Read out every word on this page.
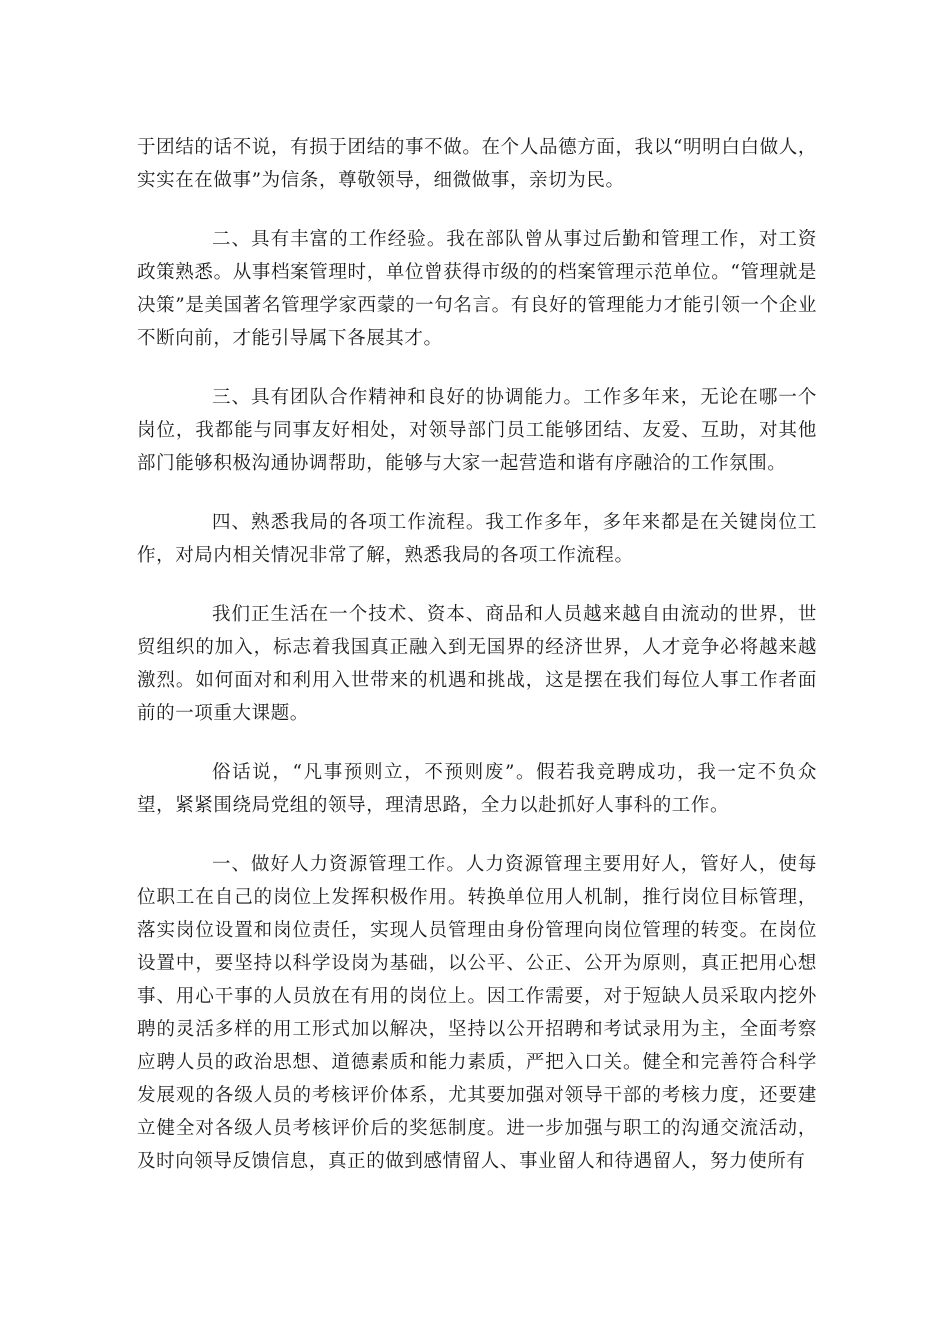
于团结的话不说，有损于团结的事不做。在个人品德方面，我以“明明白白做人，实实在在做事”为信条，尊敬领导，细微做事，亲切为民。

二、具有丰富的工作经验。我在部队曾从事过后勤和管理工作，对工资政策熟悉。从事档案管理时，单位曾获得市级的的档案管理示范单位。“管理就是决策”是美国著名管理学家西蒙的一句名言。有良好的管理能力才能引领一个企业不断向前，才能引导属下各展其才。

三、具有团队合作精神和良好的协调能力。工作多年来，无论在哪一个岗位，我都能与同事友好相处，对领导部门员工能够团结、友爱、互助，对其他部门能够积极沟通协调帮助，能够与大家一起营造和谐有序融洽的工作氛围。

四、熟悉我局的各项工作流程。我工作多年，多年来都是在关键岗位工作，对局内相关情况非常了解，熟悉我局的各项工作流程。

我们正生活在一个技术、资本、商品和人员越来越自由流动的世界，世贸组织的加入，标志着我国真正融入到无国界的经济世界，人才竞争必将越来越激烈。如何面对和利用入世带来的机遇和挑战，这是摆在我们每位人事工作者面前的一项重大课题。

俗话说，“凡事预则立，不预则废”。假若我竞聘成功，我一定不负众望，紧紧围绕局党组的领导，理清思路，全力以赴抓好人事科的工作。

一、做好人力资源管理工作。人力资源管理主要用好人，管好人，使每位职工在自己的岗位上发挥积极作用。转换单位用人机制，推行岗位目标管理，落实岗位设置和岗位责任，实现人员管理由身份管理向岗位管理的转变。在岗位设置中，要坚持以科学设岗为基础，以公平、公正、公开为原则，真正把用心想事、用心干事的人员放在有用的岗位上。因工作需要，对于短缺人员采取内挖外聘的灵活多样的用工形式加以解决，坚持以公开招聘和考试录用为主，全面考察应聘人员的政治思想、道德素质和能力素质，严把入口关。健全和完善符合科学发展观的各级人员的考核评价体系，尤其要加强对领导干部的考核力度，还要建立健全对各级人员考核评价后的奖惩制度。进一步加强与职工的沟通交流活动，及时向领导反馈信息，真正的做到感情留人、事业留人和待遇留人，努力使所有
